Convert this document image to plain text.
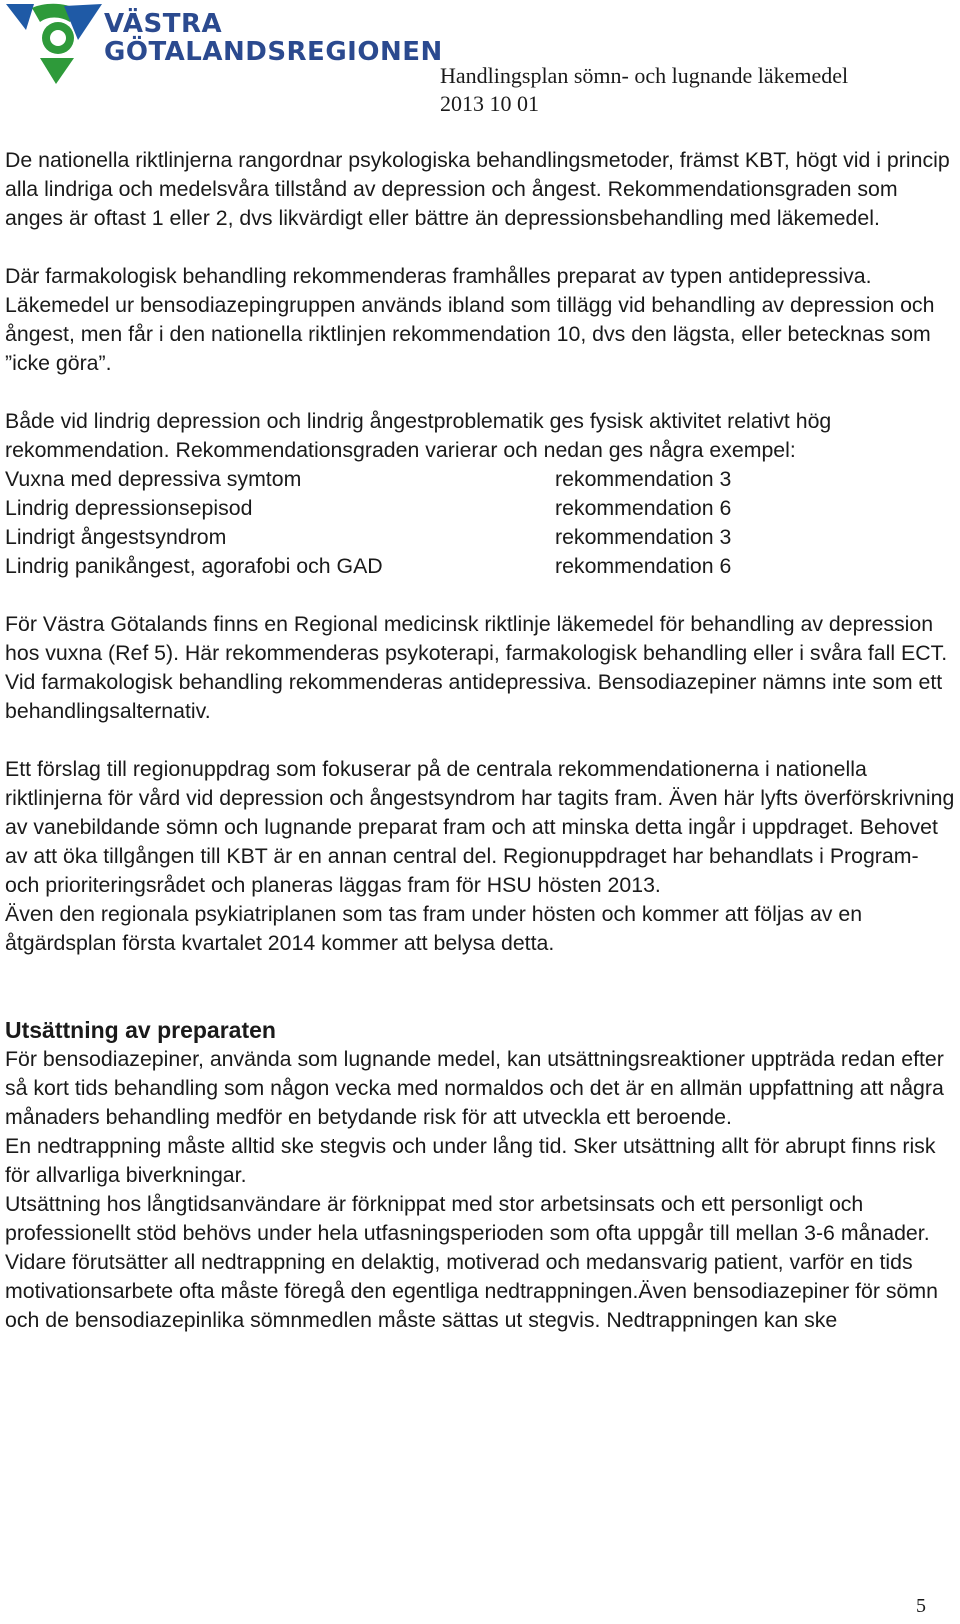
VÄSTRA
GÖTALANDSREGIONEN
Handlingsplan sömn- och lugnande läkemedel
2013 10 01

De nationella riktlinjerna rangordnar psykologiska behandlingsmetoder, främst KBT, högt vid i princip alla lindriga och medelsvåra tillstånd av depression och ångest. Rekommendationsgraden som anges är oftast 1 eller 2, dvs likvärdigt eller bättre än depressionsbehandling med läkemedel.

Där farmakologisk behandling rekommenderas framhålles preparat av typen antidepressiva.

Läkemedel ur bensodiazepingruppen används ibland som tillägg vid behandling av depression och ångest, men får i den nationella riktlinjen rekommendation 10, dvs den lägsta, eller betecknas som ”icke göra”.

Både vid lindrig depression och lindrig ångestproblematik ges fysisk aktivitet relativt hög rekommendation. Rekommendationsgraden varierar och nedan ges några exempel:

Vuxna med depressiva symtom	rekommendation 3
Lindrig depressionsepisod	rekommendation 6
Lindrigt ångestsyndrom	rekommendation 3
Lindrig panikångest, agorafobi och GAD	rekommendation 6

För Västra Götalands finns en Regional medicinsk riktlinje läkemedel för behandling av depression hos vuxna (Ref 5). Här rekommenderas psykoterapi, farmakologisk behandling eller i svåra fall ECT. Vid farmakologisk behandling rekommenderas antidepressiva. Bensodiazepiner nämns inte som ett behandlingsalternativ.

Ett förslag till regionuppdrag som fokuserar på de centrala rekommendationerna i nationella riktlinjerna för vård vid depression och ångestsyndrom har tagits fram. Även här lyfts överförskrivning av vanebildande sömn och lugnande preparat fram och att minska detta ingår i uppdraget. Behovet av att öka tillgången till KBT är en annan central del. Regionuppdraget har behandlats i Program- och prioriteringsrådet och planeras läggas fram för HSU hösten 2013.

Även den regionala psykiatriplanen som tas fram under hösten och kommer att följas av en åtgärdsplan första kvartalet 2014 kommer att belysa detta.

Utsättning av preparaten

För bensodiazepiner, använda som lugnande medel, kan utsättningsreaktioner uppträda redan efter så kort tids behandling som någon vecka med normaldos och det är en allmän uppfattning att några månaders behandling medför en betydande risk för att utveckla ett beroende.

En nedtrappning måste alltid ske stegvis och under lång tid. Sker utsättning allt för abrupt finns risk för allvarliga biverkningar.

Utsättning hos långtidsanvändare är förknippat med stor arbetsinsats och ett personligt och professionellt stöd behövs under hela utfasningsperioden som ofta uppgår till mellan 3-6 månader. Vidare förutsätter all nedtrappning en delaktig, motiverad och medansvarig patient, varför en tids motivationsarbete ofta måste föregå den egentliga nedtrappningen.Även bensodiazepiner för sömn och de bensodiazepinlika sömnmedlen måste sättas ut stegvis. Nedtrappningen kan ske

5
